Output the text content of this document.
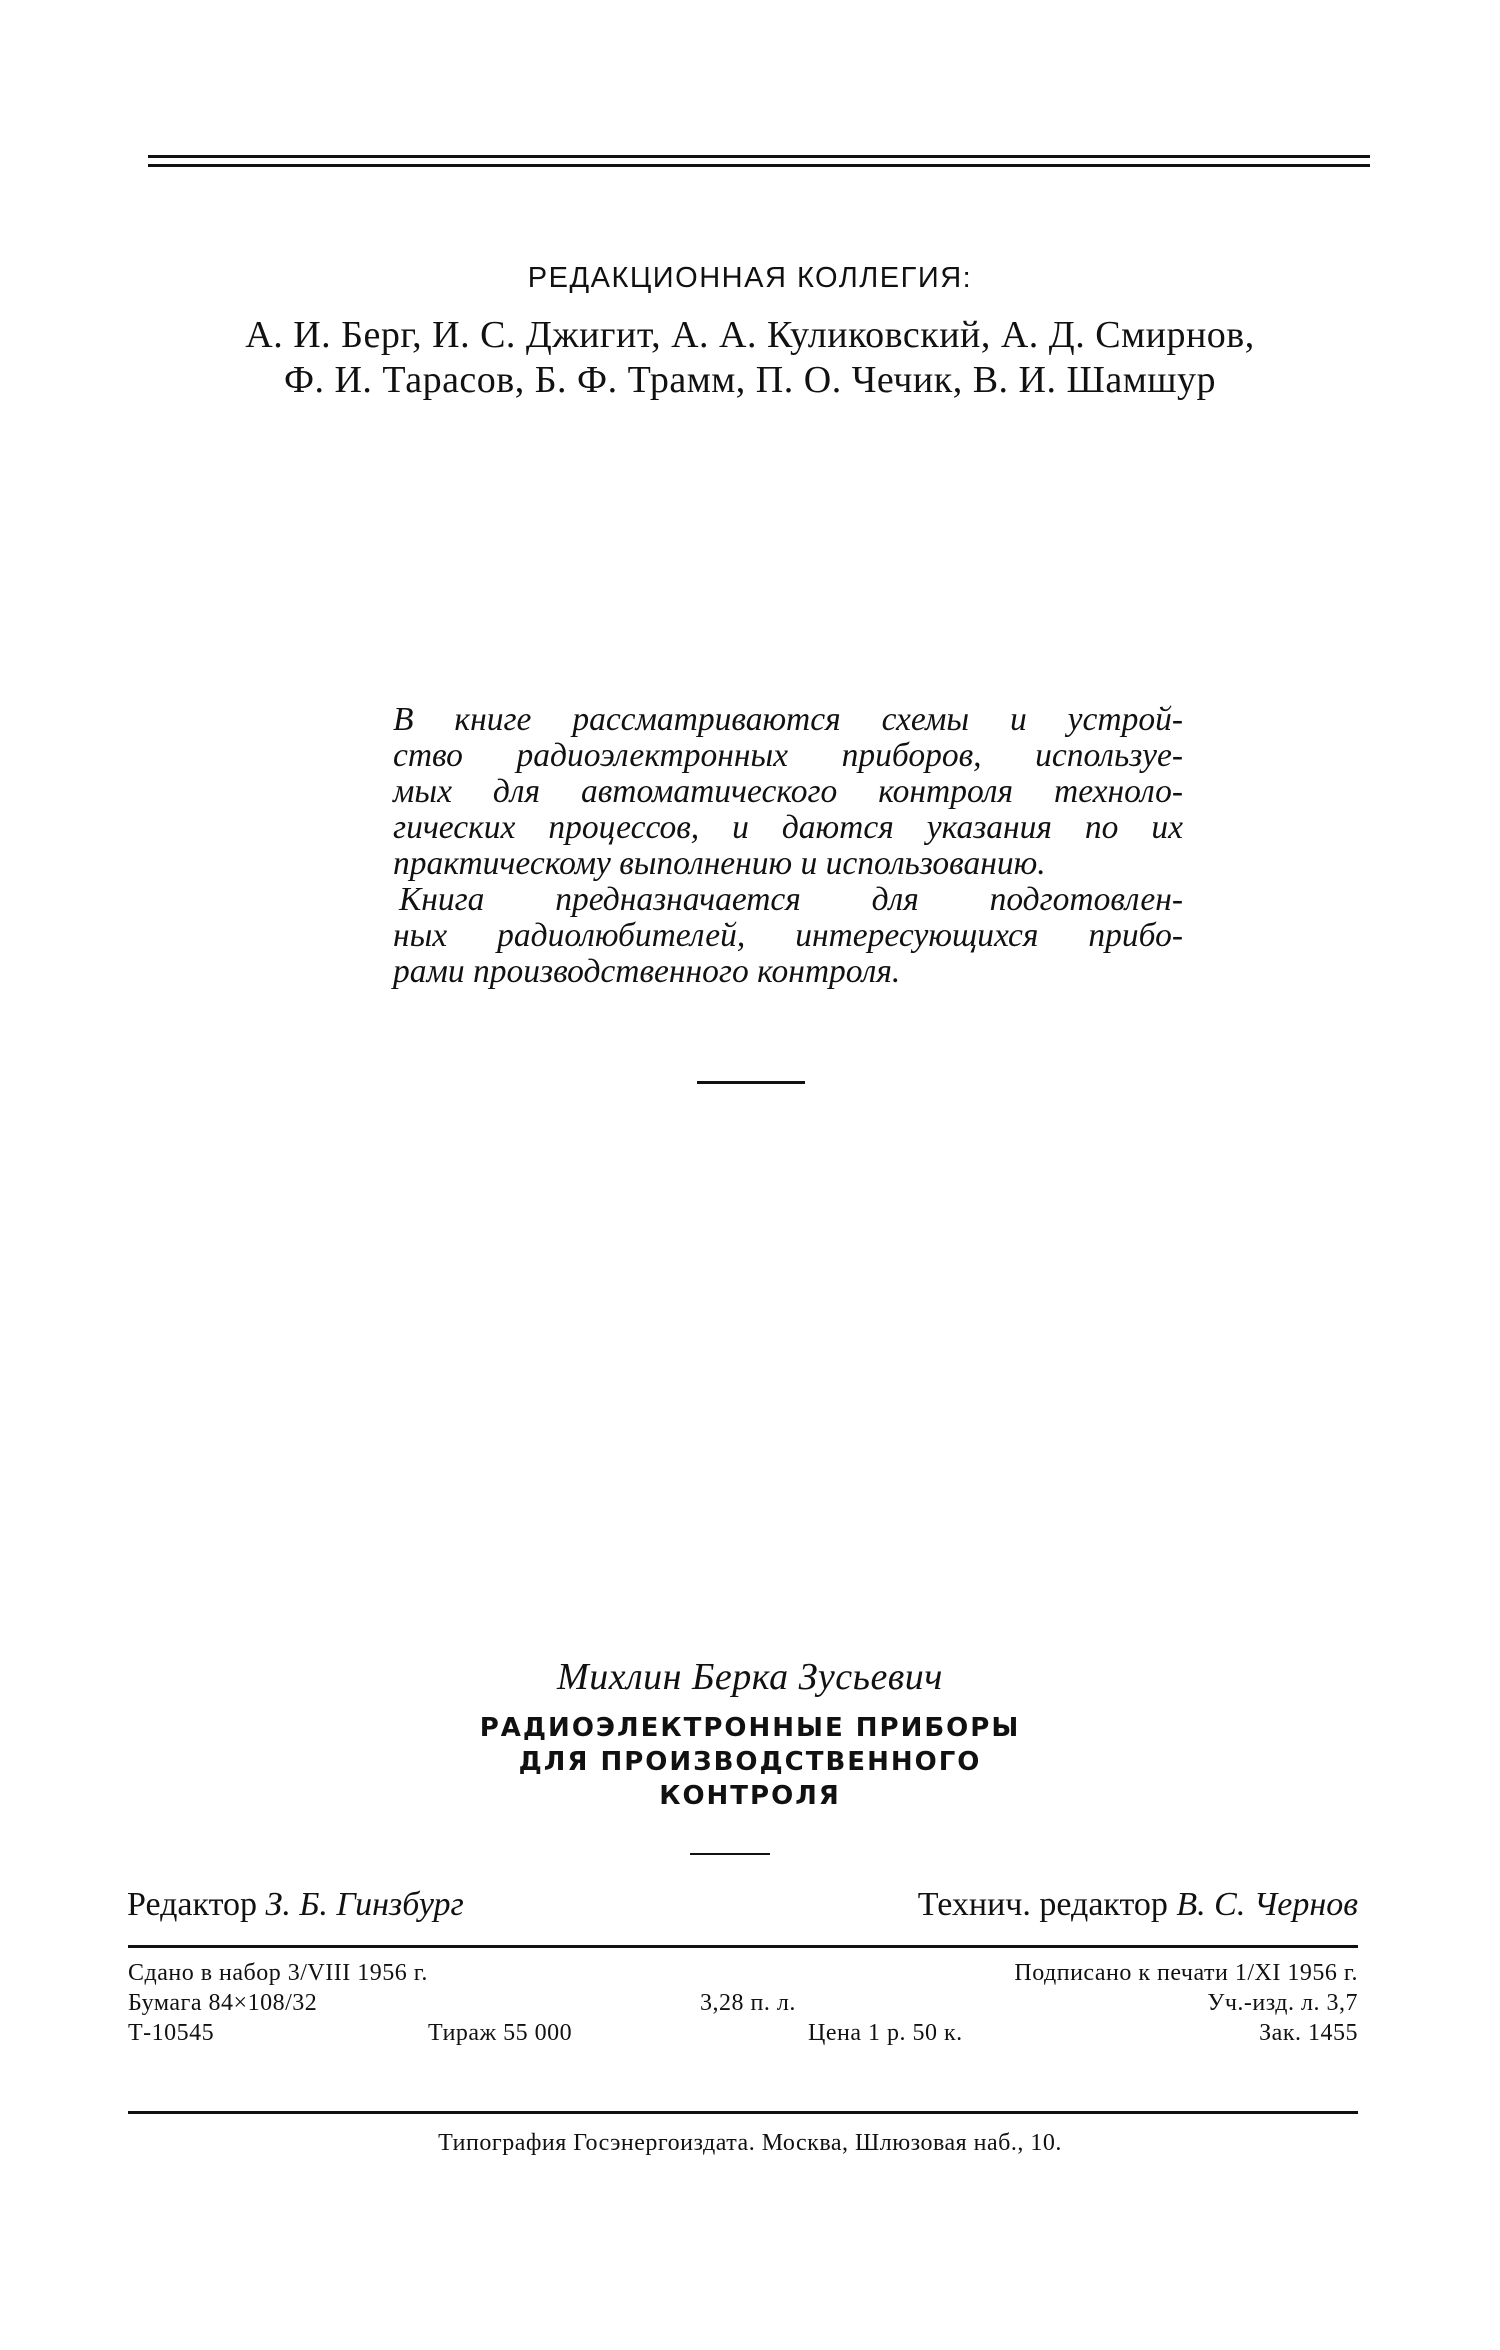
РЕДАКЦИОННАЯ КОЛЛЕГИЯ:
А. И. Берг, И. С. Джигит, А. А. Куликовский, А. Д. Смирнов,
Ф. И. Тарасов, Б. Ф. Трамм, П. О. Чечик, В. И. Шамшур
В книге рассматриваются схемы и устрой-
ство радиоэлектронных приборов, используе-
мых для автоматического контроля техноло-
гических процессов, и даются указания по их
практическому выполнению и использованию.
Книга предназначается для подготовлен-
ных радиолюбителей, интересующихся прибо-
рами производственного контроля.
Михлин Берка Зусьевич
РАДИОЭЛЕКТРОННЫЕ ПРИБОРЫ
ДЛЯ ПРОИЗВОДСТВЕННОГО
КОНТРОЛЯ
Редактор З. Б. Гинзбург	Технич. редактор В. С. Чернов
Сдано в набор 3/VIII 1956 г.	Подписано к печати 1/XI 1956 г.
Бумага 84×108/32	3,28 п. л.	Уч.-изд. л. 3,7
Т-10545	Тираж 55 000	Цена 1 р. 50 к.	Зак. 1455
Типография Госэнергоиздата. Москва, Шлюзовая наб., 10.
